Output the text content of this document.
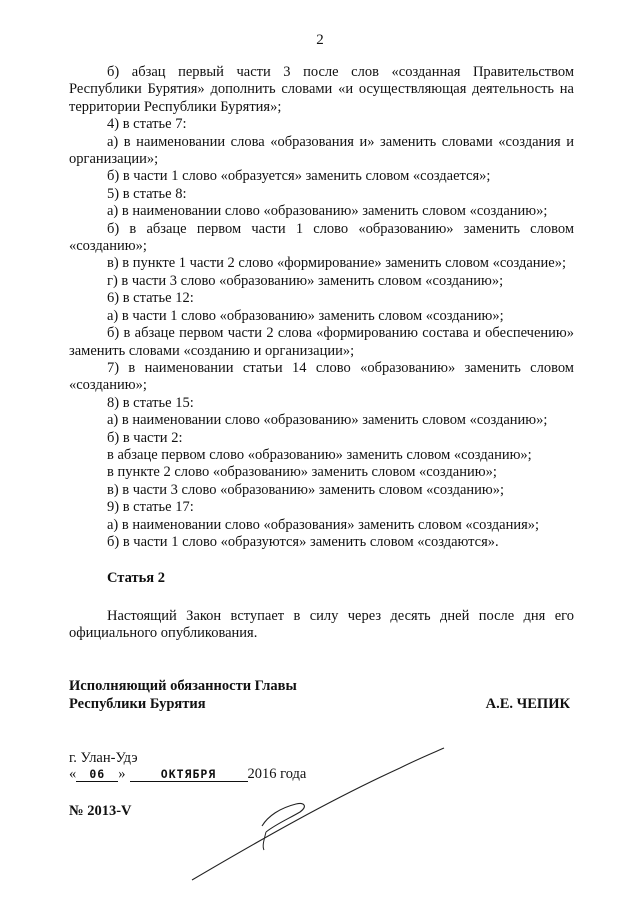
2

б) абзац первый части 3 после слов «созданная Правительством Республики Бурятия» дополнить словами «и осуществляющая деятельность на территории Республики Бурятия»;

4) в статье 7:

а) в наименовании слова «образования и» заменить словами «создания и организации»;

б) в части 1 слово «образуется» заменить словом «создается»;

5) в статье 8:

а) в наименовании слово «образованию» заменить словом «созданию»;

б) в абзаце первом части 1 слово «образованию» заменить словом «созданию»;

в) в пункте 1 части 2 слово «формирование» заменить словом «создание»;

г) в части 3 слово «образованию» заменить словом «созданию»;

6) в статье 12:

а) в части 1 слово «образованию» заменить словом «созданию»;

б) в абзаце первом части 2 слова «формированию состава и обеспечению» заменить словами «созданию и организации»;

7) в наименовании статьи 14 слово «образованию» заменить словом «созданию»;

8) в статье 15:

а) в наименовании слово «образованию» заменить словом «созданию»;

б) в части 2:

в абзаце первом слово «образованию» заменить словом «созданию»;

в пункте 2 слово «образованию» заменить словом «созданию»;

в) в части 3 слово «образованию» заменить словом «созданию»;

9) в статье 17:

а) в наименовании слово «образования» заменить словом «создания»;

б) в части 1 слово «образуются» заменить словом «создаются».

Статья 2

Настоящий Закон вступает в силу через десять дней после дня его официального опубликования.

Исполняющий обязанности Главы
Республики Бурятия	А.Е. ЧЕПИК
г. Улан-Удэ
« 06 »	ОКТЯБРЯ 2016 года
№ 2013-V
